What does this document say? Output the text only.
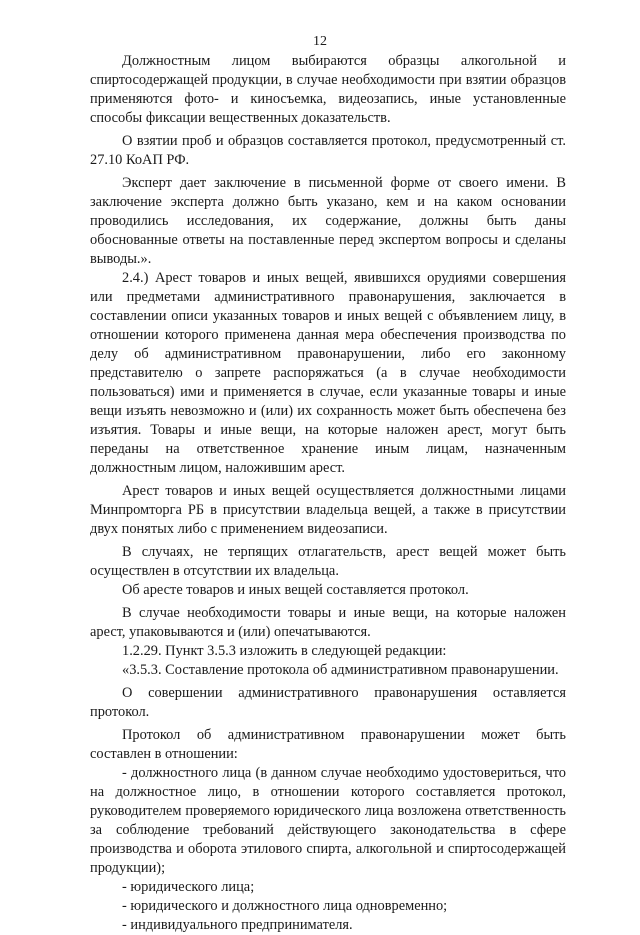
12

Должностным лицом выбираются образцы алкогольной и спиртосодержащей продукции, в случае необходимости при взятии образцов применяются фото- и киносъемка, видеозапись, иные установленные способы фиксации вещественных доказательств.

О взятии проб и образцов составляется протокол, предусмотренный ст. 27.10 КоАП РФ.

Эксперт дает заключение в письменной форме от своего имени. В заключение эксперта должно быть указано, кем и на каком основании проводились исследования, их содержание, должны быть даны обоснованные ответы на поставленные перед экспертом вопросы и сделаны выводы.».

2.4.) Арест товаров и иных вещей, явившихся орудиями совершения или предметами административного правонарушения, заключается в составлении описи указанных товаров и иных вещей с объявлением лицу, в отношении которого применена данная мера обеспечения производства по делу об административном правонарушении, либо его законному представителю о запрете распоряжаться (а в случае необходимости пользоваться) ими и применяется в случае, если указанные товары и иные вещи изъять невозможно и (или) их сохранность может быть обеспечена без изъятия. Товары и иные вещи, на которые наложен арест, могут быть переданы на ответственное хранение иным лицам, назначенным должностным лицом, наложившим арест.

Арест товаров и иных вещей осуществляется должностными лицами Минпромторга РБ в присутствии владельца вещей, а также в присутствии двух понятых либо с применением видеозаписи.

В случаях, не терпящих отлагательств, арест вещей может быть осуществлен в отсутствии их владельца.

Об аресте товаров и иных вещей составляется протокол.

В случае необходимости товары и иные вещи, на которые наложен арест, упаковываются и (или) опечатываются.

1.2.29. Пункт 3.5.3 изложить в следующей редакции:

«3.5.3. Составление протокола об административном правонарушении.

О совершении административного правонарушения оставляется протокол.

Протокол об административном правонарушении может быть составлен в отношении:

- должностного лица (в данном случае необходимо удостовериться, что на должностное лицо, в отношении которого составляется протокол, руководителем проверяемого юридического лица возложена ответственность за соблюдение требований действующего законодательства в сфере производства и оборота этилового спирта, алкогольной и спиртосодержащей продукции);

- юридического лица;

- юридического и должностного лица одновременно;

- индивидуального предпринимателя.
